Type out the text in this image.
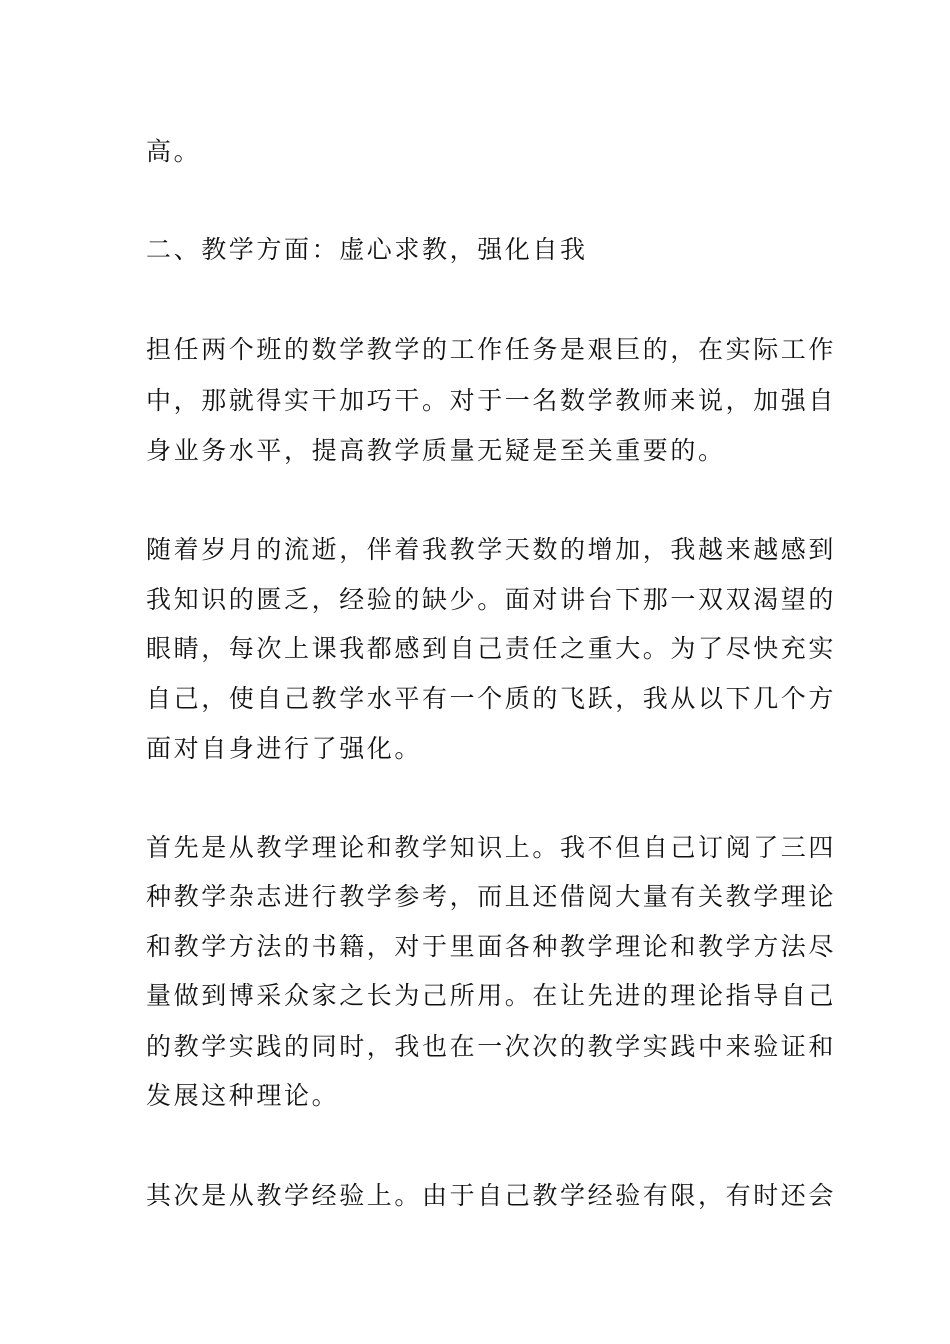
高。
二、教学方面：虚心求教，强化自我
担任两个班的数学教学的工作任务是艰巨的，在实际工作
中，那就得实干加巧干。对于一名数学教师来说，加强自
身业务水平，提高教学质量无疑是至关重要的。
随着岁月的流逝，伴着我教学天数的增加，我越来越感到
我知识的匮乏，经验的缺少。面对讲台下那一双双渴望的
眼睛，每次上课我都感到自己责任之重大。为了尽快充实
自己，使自己教学水平有一个质的飞跃，我从以下几个方
面对自身进行了强化。
首先是从教学理论和教学知识上。我不但自己订阅了三四
种教学杂志进行教学参考，而且还借阅大量有关教学理论
和教学方法的书籍，对于里面各种教学理论和教学方法尽
量做到博采众家之长为己所用。在让先进的理论指导自己
的教学实践的同时，我也在一次次的教学实践中来验证和
发展这种理论。
其次是从教学经验上。由于自己教学经验有限，有时还会
